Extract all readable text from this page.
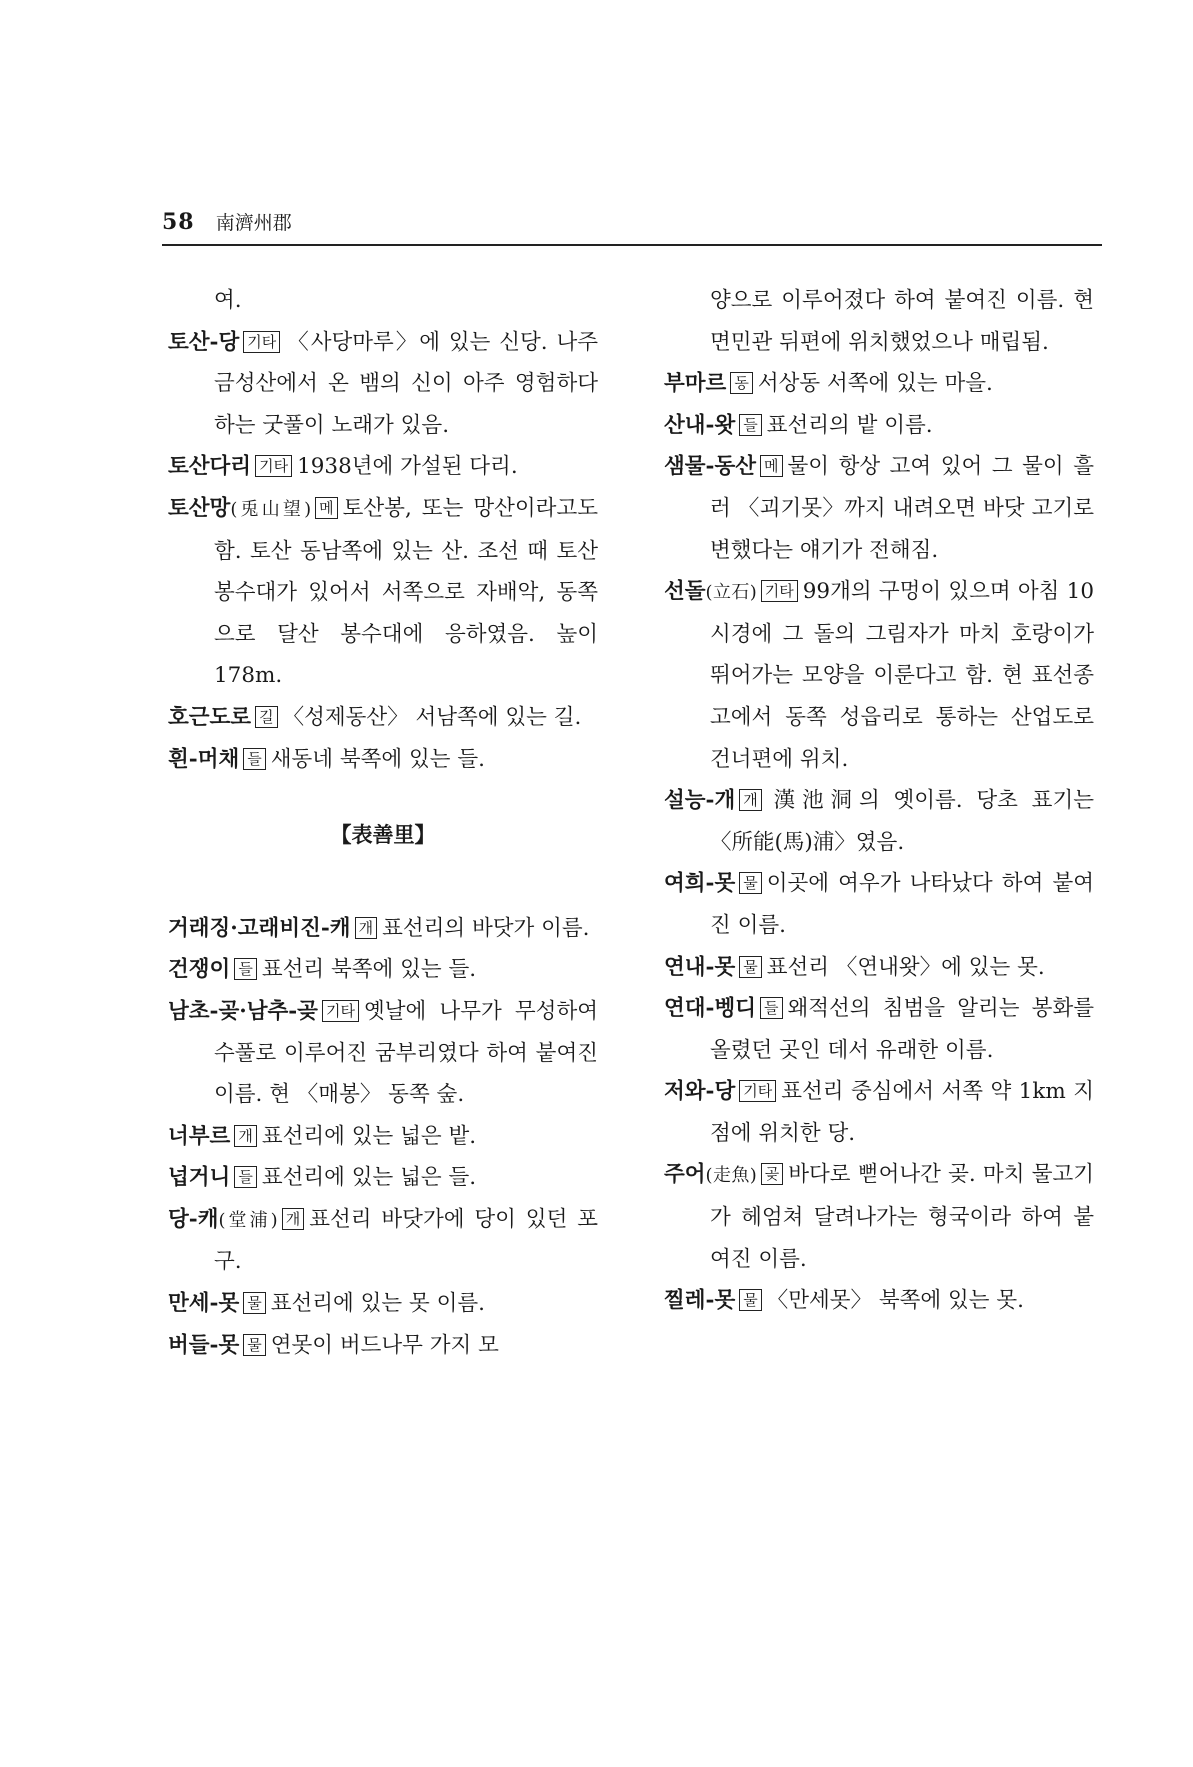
58 南濟州郡
여.
토산-당 기타 〈사당마루〉에 있는 신당. 나주 금성산에서 온 뱀의 신이 아주 영험하다 하는 굿풀이 노래가 있음.
토산다리 기타 1938년에 가설된 다리.
토산망(兎山望) 메 토산봉, 또는 망산이라고도 함. 토산 동남쪽에 있는 산. 조선 때 토산 봉수대가 있어서 서쪽으로 자배악, 동쪽으로 달산 봉수대에 응하였음. 높이 178m.
호근도로 길 〈성제동산〉 서남쪽에 있는 길.
흰-머채 들 새동네 북쪽에 있는 들.
【表善里】
거래징·고래비진-캐 개 표선리의 바닷가 이름.
건쟁이 들 표선리 북쪽에 있는 들.
남초-곶·남추-곶 기타 옛날에 나무가 무성하여 수풀로 이루어진 굼부리였다 하여 붙여진 이름. 현 〈매봉〉 동쪽 숲.
너부르 개 표선리에 있는 넓은 밭.
넙거니 들 표선리에 있는 넓은 들.
당-캐(堂浦) 개 표선리 바닷가에 당이 있던 포구.
만세-못 물 표선리에 있는 못 이름.
버들-못 물 연못이 버드나무 가지 모
양으로 이루어졌다 하여 붙여진 이름. 현 면민관 뒤편에 위치했었으나 매립됨.
부마르 동 서상동 서쪽에 있는 마을.
산내-왓 들 표선리의 밭 이름.
샘물-동산 메 물이 항상 고여 있어 그 물이 흘러 〈괴기못〉까지 내려오면 바닷 고기로 변했다는 얘기가 전해짐.
선돌(立石) 기타 99개의 구멍이 있으며 아침 10시경에 그 돌의 그림자가 마치 호랑이가 뛰어가는 모양을 이룬다고 함. 현 표선종고에서 동쪽 성읍리로 통하는 산업도로 건너편에 위치.
설능-개 개 漢池洞의 옛이름. 당초 표기는 〈所能(馬)浦〉였음.
여희-못 물 이곳에 여우가 나타났다 하여 붙여진 이름.
연내-못 물 표선리 〈연내왓〉에 있는 못.
연대-벵디 들 왜적선의 침범을 알리는 봉화를 올렸던 곳인 데서 유래한 이름.
저와-당 기타 표선리 중심에서 서쪽 약 1km 지점에 위치한 당.
주어(走魚) 곶 바다로 뻗어나간 곶. 마치 물고기가 헤엄쳐 달려나가는 형국이라 하여 붙여진 이름.
찔레-못 물 〈만세못〉 북쪽에 있는 못.
